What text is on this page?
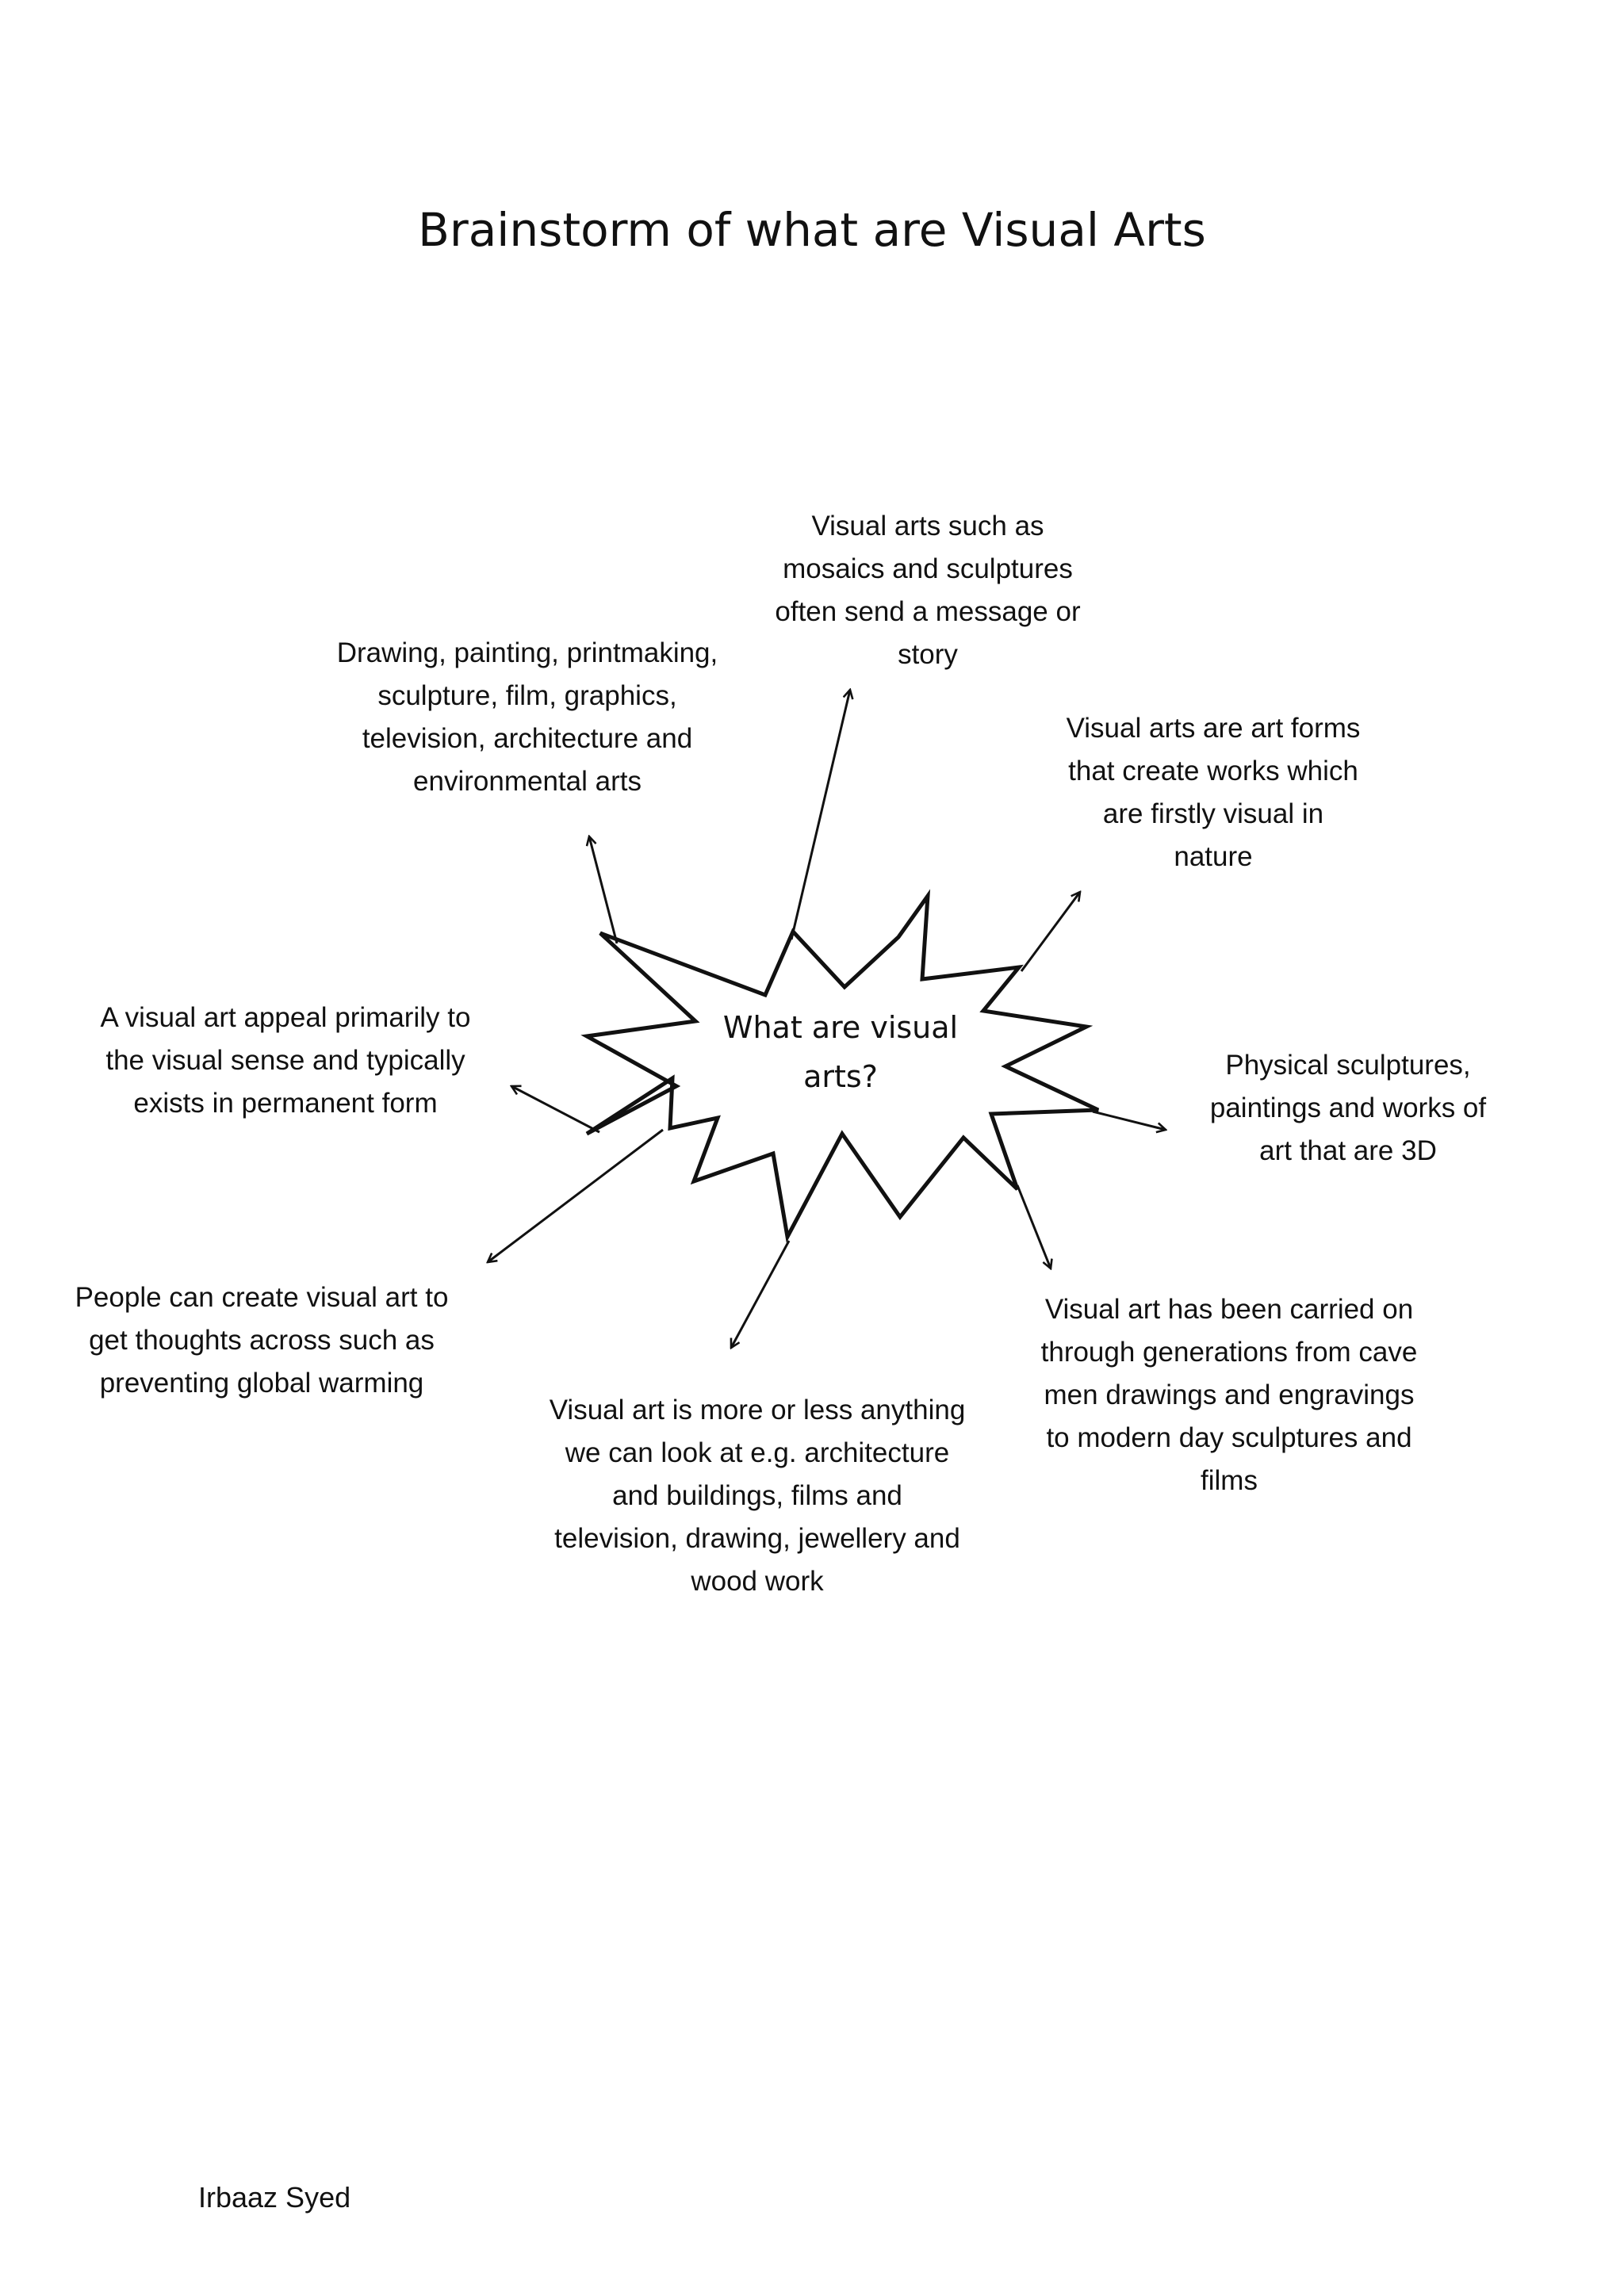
Brainstorm of what are Visual Arts
What are visual
arts?
Visual arts such as
mosaics and sculptures
often send a message or
story
Drawing, painting, printmaking,
sculpture, film, graphics,
television, architecture and
environmental arts
Visual arts are art forms
that create works which
are firstly visual in
nature
A visual art appeal primarily to
the visual sense and typically
exists in permanent form
Physical sculptures,
paintings and works of
art that are 3D
People can create visual art to
get thoughts across such as
preventing global warming
Visual art has been carried on
through generations from cave
men drawings and engravings
to modern day sculptures and
films
Visual art is more or less anything
we can look at e.g. architecture
and buildings, films and
television, drawing, jewellery and
wood work
Irbaaz Syed
